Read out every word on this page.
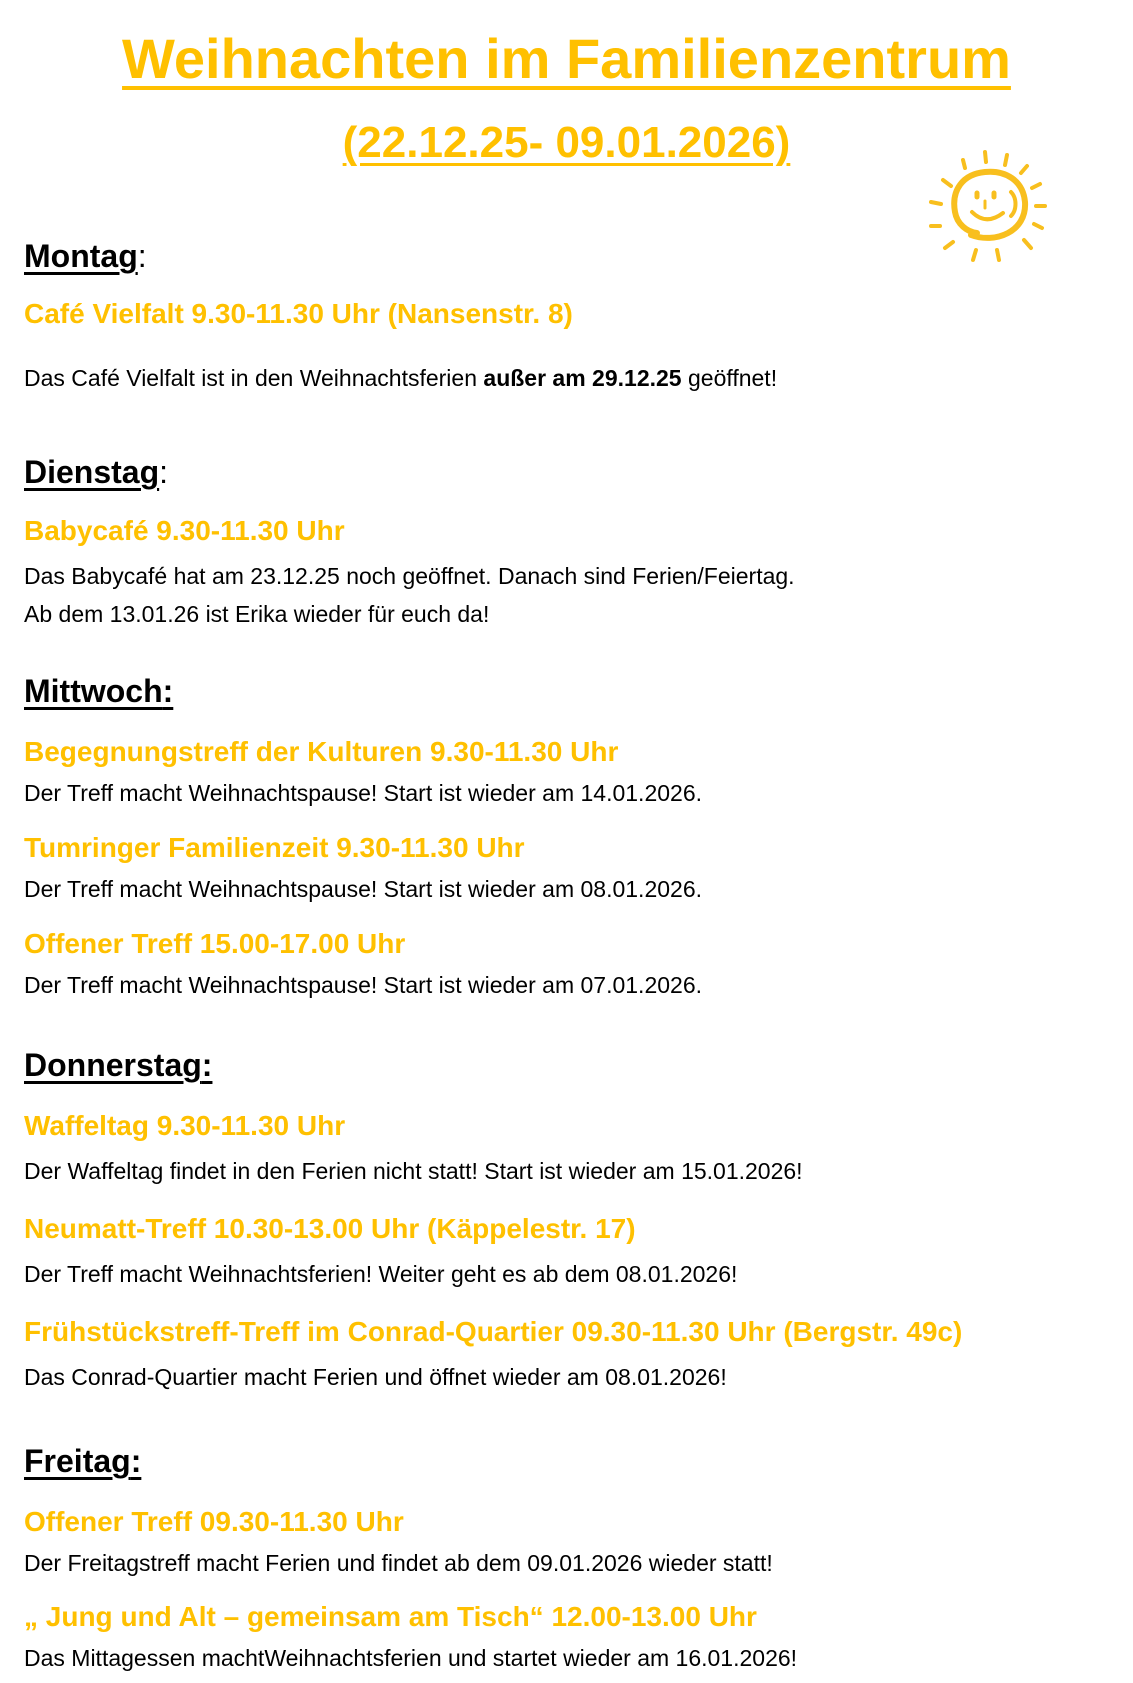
Weihnachten im Familienzentrum
(22.12.25- 09.01.2026)
Montag:
Café Vielfalt 9.30-11.30 Uhr (Nansenstr. 8)
Das Café Vielfalt ist in den Weihnachtsferien außer am 29.12.25 geöffnet!
Dienstag:
Babycafé 9.30-11.30 Uhr
Das Babycafé hat am 23.12.25 noch geöffnet. Danach sind Ferien/Feiertag.
Ab dem 13.01.26 ist Erika wieder für euch da!
Mittwoch:
Begegnungstreff der Kulturen 9.30-11.30 Uhr
Der Treff macht Weihnachtspause! Start ist wieder am 14.01.2026.
Tumringer Familienzeit 9.30-11.30 Uhr
Der Treff macht Weihnachtspause! Start ist wieder am 08.01.2026.
Offener Treff 15.00-17.00 Uhr
Der Treff macht Weihnachtspause! Start ist wieder am 07.01.2026.
Donnerstag:
Waffeltag 9.30-11.30 Uhr
Der Waffeltag findet in den Ferien nicht statt! Start ist wieder am 15.01.2026!
Neumatt-Treff 10.30-13.00 Uhr (Käppelestr. 17)
Der Treff macht Weihnachtsferien! Weiter geht es ab dem 08.01.2026!
Frühstückstreff-Treff im Conrad-Quartier 09.30-11.30 Uhr (Bergstr. 49c)
Das Conrad-Quartier macht Ferien und öffnet wieder am 08.01.2026!
Freitag:
Offener Treff 09.30-11.30 Uhr
Der Freitagstreff macht Ferien und findet ab dem 09.01.2026 wieder statt!
„ Jung und Alt – gemeinsam am Tisch“ 12.00-13.00 Uhr
Das Mittagessen machtWeihnachtsferien und startet wieder am 16.01.2026!
